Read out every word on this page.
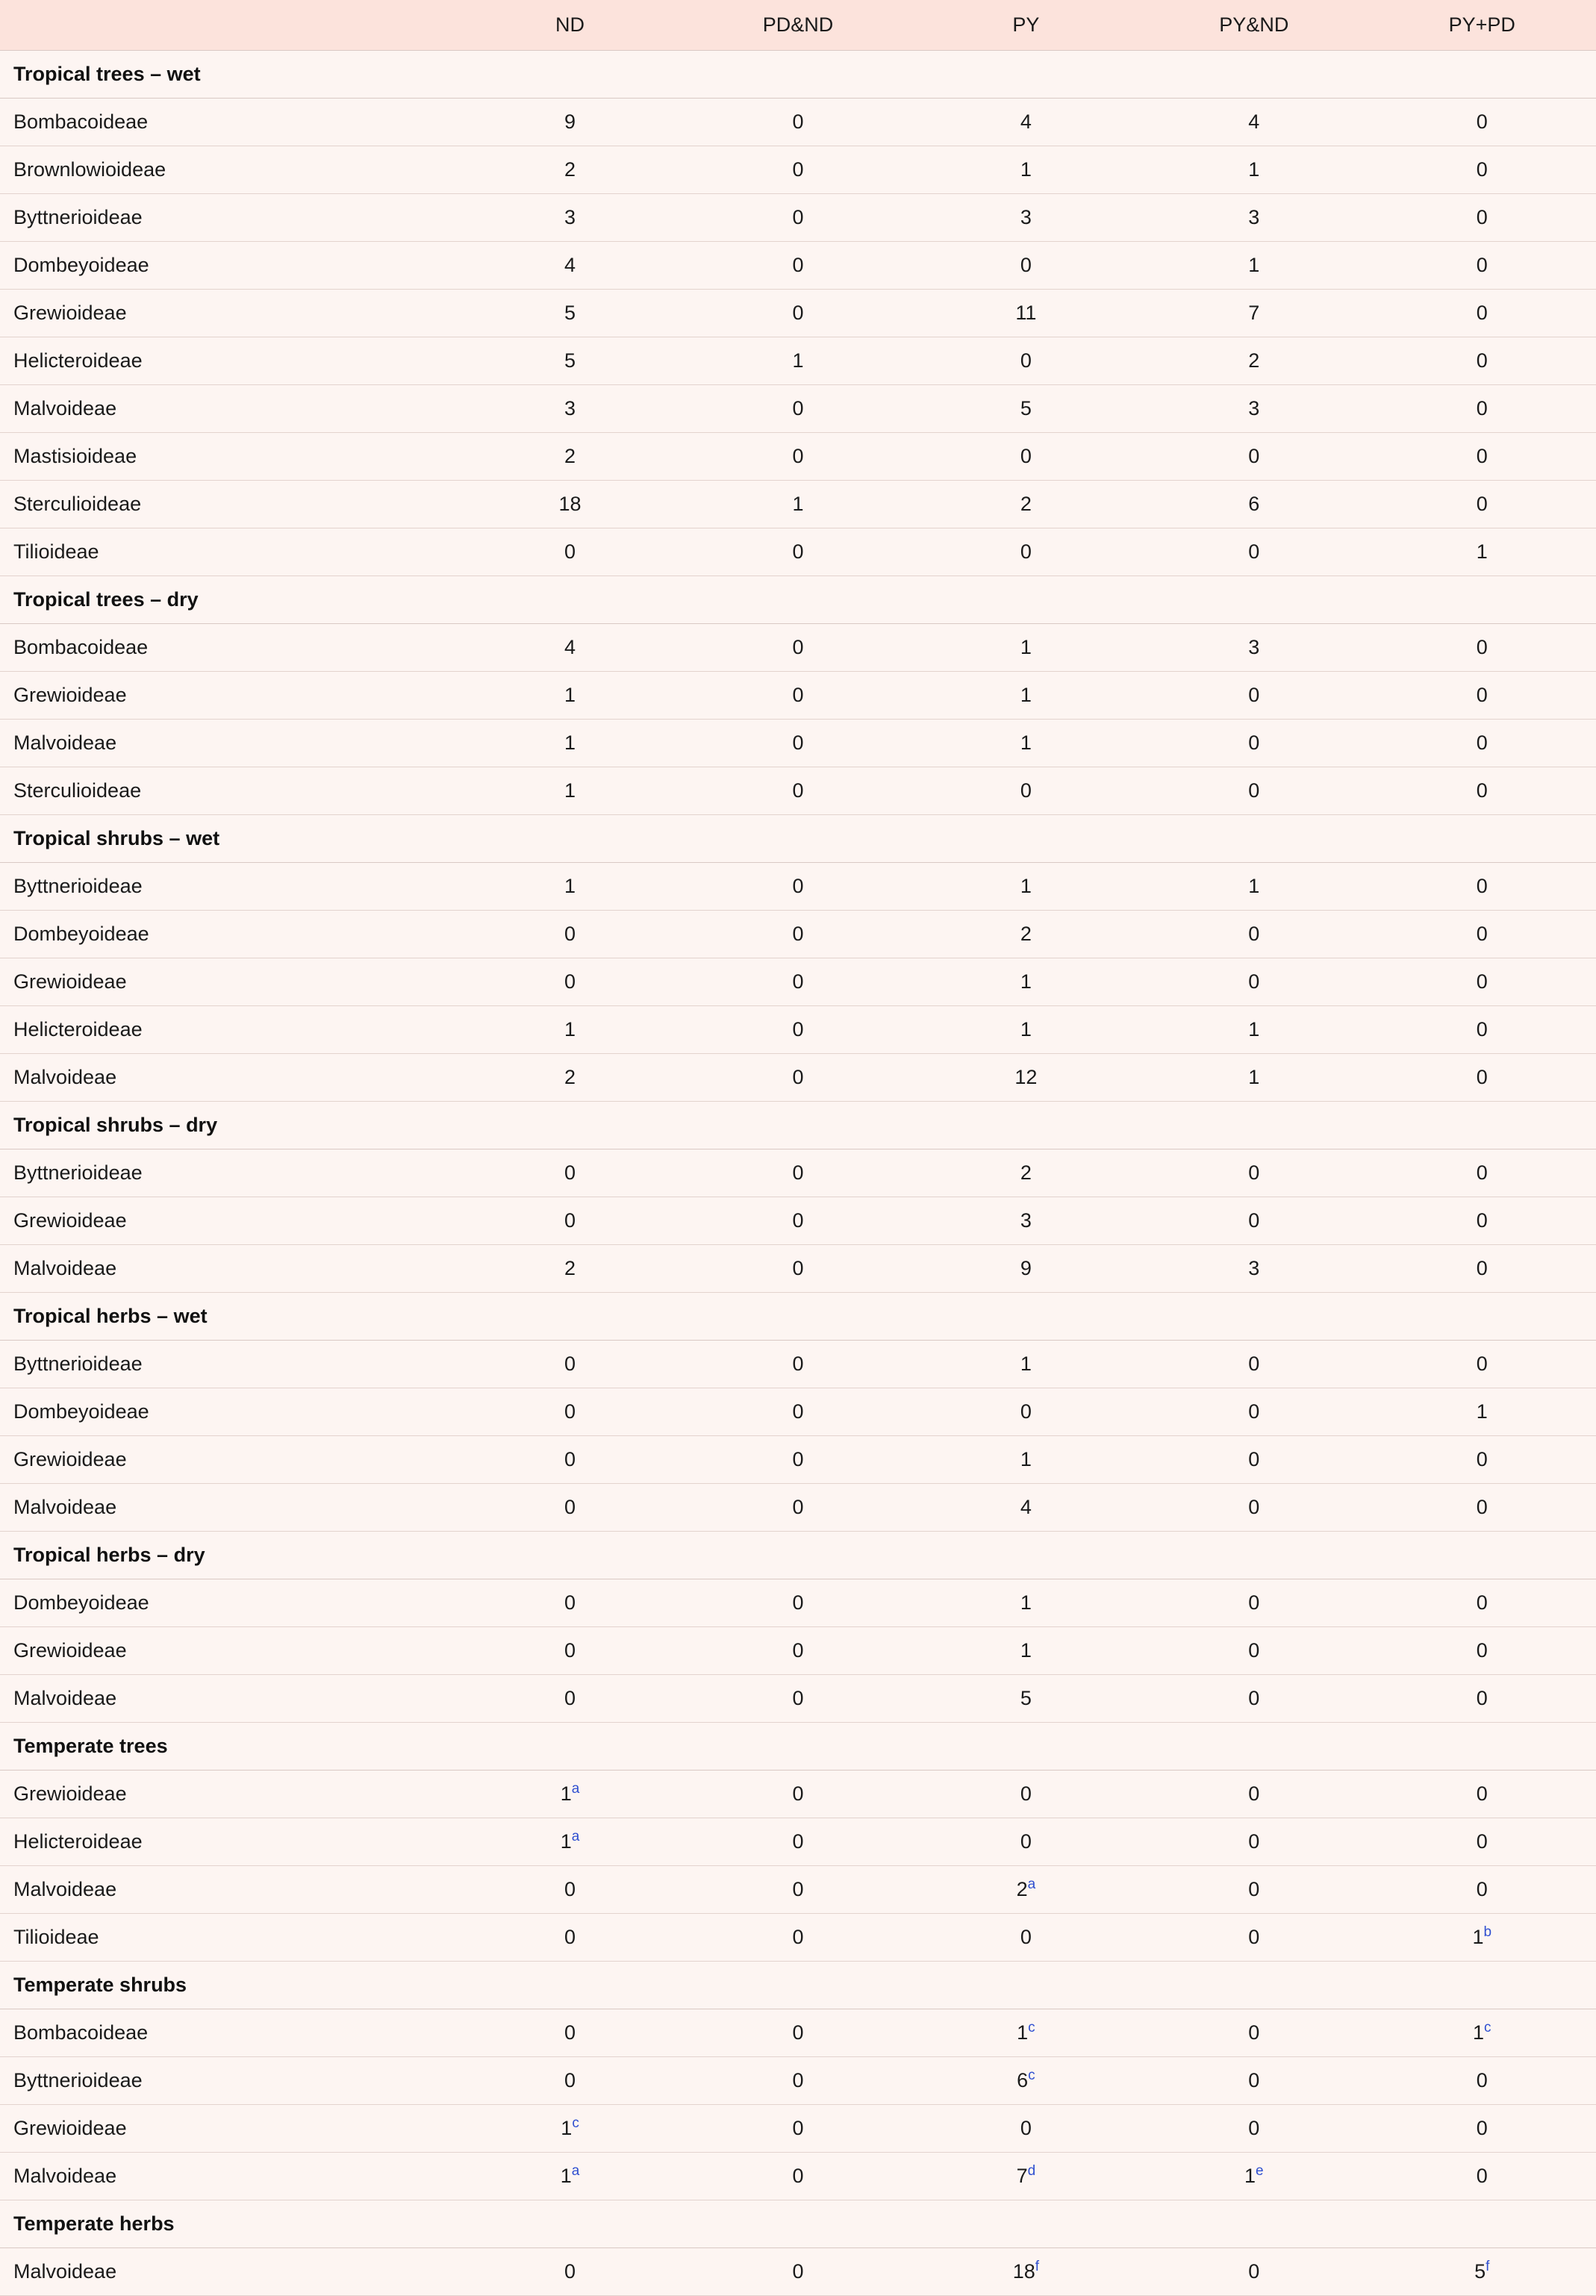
	ND	PD&ND	PY	PY&ND	PY+PD
Tropical trees – wet					
Bombacoideae	9	0	4	4	0
Brownlowioideae	2	0	1	1	0
Byttnerioideae	3	0	3	3	0
Dombeyoideae	4	0	0	1	0
Grewioideae	5	0	11	7	0
Helicteroideae	5	1	0	2	0
Malvoideae	3	0	5	3	0
Mastisioideae	2	0	0	0	0
Sterculioideae	18	1	2	6	0
Tilioideae	0	0	0	0	1
Tropical trees – dry					
Bombacoideae	4	0	1	3	0
Grewioideae	1	0	1	0	0
Malvoideae	1	0	1	0	0
Sterculioideae	1	0	0	0	0
Tropical shrubs – wet					
Byttnerioideae	1	0	1	1	0
Dombeyoideae	0	0	2	0	0
Grewioideae	0	0	1	0	0
Helicteroideae	1	0	1	1	0
Malvoideae	2	0	12	1	0
Tropical shrubs – dry					
Byttnerioideae	0	0	2	0	0
Grewioideae	0	0	3	0	0
Malvoideae	2	0	9	3	0
Tropical herbs – wet					
Byttnerioideae	0	0	1	0	0
Dombeyoideae	0	0	0	0	1
Grewioideae	0	0	1	0	0
Malvoideae	0	0	4	0	0
Tropical herbs – dry					
Dombeyoideae	0	0	1	0	0
Grewioideae	0	0	1	0	0
Malvoideae	0	0	5	0	0
Temperate trees					
Grewioideae	1$^a$	0	0	0	0
Helicteroideae	1$^a$	0	0	0	0
Malvoideae	0	0	2$^a$	0	0
Tilioideae	0	0	0	0	1$^b$
Temperate shrubs					
Bombacoideae	0	0	1$^c$	0	1$^c$
Byttnerioideae	0	0	6$^c$	0	0
Grewioideae	1$^c$	0	0	0	0
Malvoideae	1$^a$	0	7$^d$	1e	0
Temperate herbs					
Malvoideae	0	0	18$^f$	0	5$^f$
